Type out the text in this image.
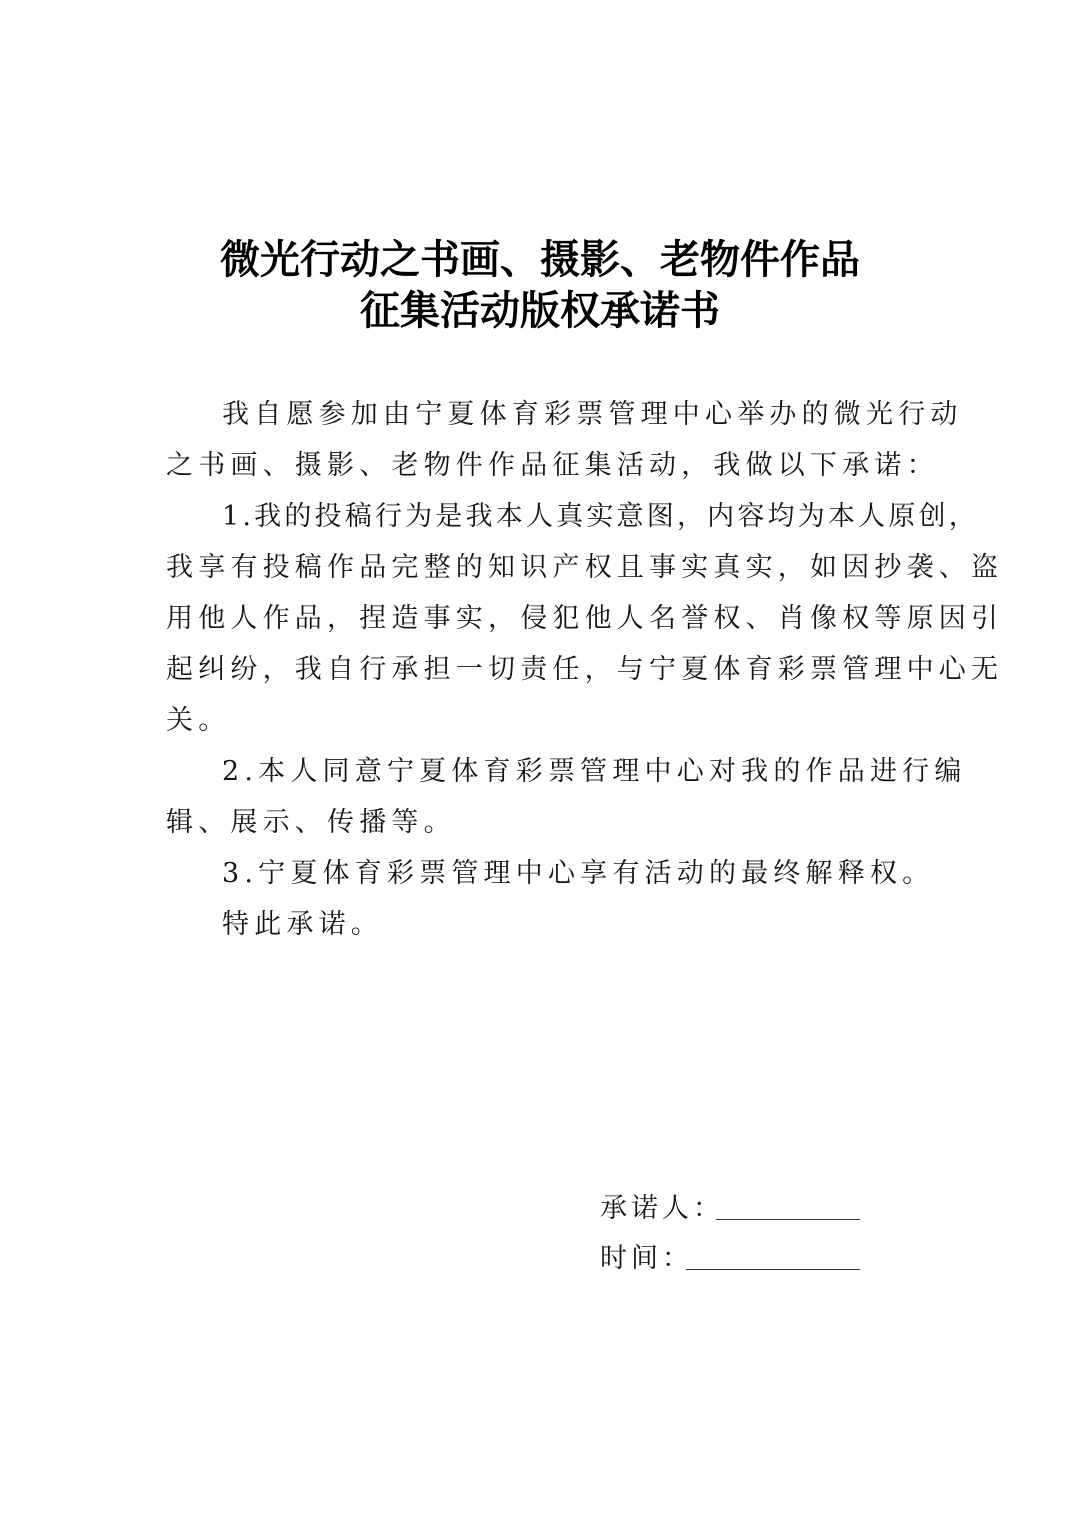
微光行动之书画、摄影、老物件作品
征集活动版权承诺书
我自愿参加由宁夏体育彩票管理中心举办的微光行动
之书画、摄影、老物件作品征集活动，我做以下承诺：
1.我的投稿行为是我本人真实意图，内容均为本人原创，
我享有投稿作品完整的知识产权且事实真实，如因抄袭、盗
用他人作品，捏造事实，侵犯他人名誉权、肖像权等原因引
起纠纷，我自行承担一切责任，与宁夏体育彩票管理中心无
关。
2.本人同意宁夏体育彩票管理中心对我的作品进行编
辑、展示、传播等。
3.宁夏体育彩票管理中心享有活动的最终解释权。
特此承诺。
承诺人：
时间：
